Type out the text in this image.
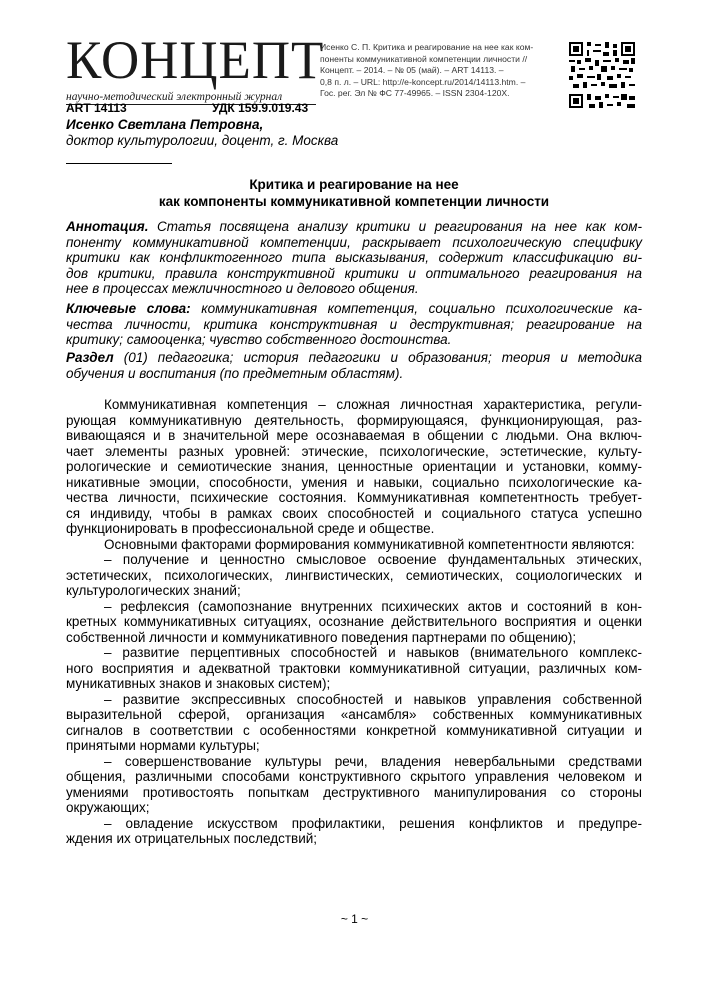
КОНЦЕПТ
научно-методический электронный журнал
Исенко С. П. Критика и реагирование на нее как ком-
поненты коммуникативной компетенции личности //
Концепт. – 2014. – № 05 (май). – ART 14113. –
0,8 п. л. – URL: http://e-koncept.ru/2014/14113.htm. –
Гос. рег. Эл № ФС 77-49965. – ISSN 2304-120X.
ART 14113	УДК 159.9.019.43
Исенко Светлана Петровна,
доктор культурологии, доцент, г. Москва
Критика и реагирование на нее
как компоненты коммуникативной компетенции личности
Аннотация. Статья посвящена анализу критики и реагирования на нее как ком-
поненту коммуникативной компетенции, раскрывает психологическую специфику
критики как конфликтогенного типа высказывания, содержит классификацию ви-
дов критики, правила конструктивной критики и оптимального реагирования на
нее в процессах межличностного и делового общения.
Ключевые слова: коммуникативная компетенция, социально психологические ка-
чества личности, критика конструктивная и деструктивная; реагирование на
критику; самооценка; чувство собственного достоинства.
Раздел (01) педагогика; история педагогики и образования; теория и методика
обучения и воспитания (по предметным областям).
Коммуникативная компетенция – сложная личностная характеристика, регули-
рующая коммуникативную деятельность, формирующаяся, функционирующая, раз-
вивающаяся и в значительной мере осознаваемая в общении с людьми. Она включ-
чает элементы разных уровней: этические, психологические, эстетические, культу-
рологические и семиотические знания, ценностные ориентации и установки, комму-
никативные эмоции, способности, умения и навыки, социально психологические ка-
чества личности, психические состояния. Коммуникативная компетентность требует-
ся индивиду, чтобы в рамках своих способностей и социального статуса успешно
функционировать в профессиональной среде и обществе.
Основными факторами формирования коммуникативной компетентности являются:
– получение и ценностно смысловое освоение фундаментальных этических,
эстетических, психологических, лингвистических, семиотических, социологических и
культурологических знаний;
– рефлексия (самопознание внутренних психических актов и состояний в кон-
кретных коммуникативных ситуациях, осознание действительного восприятия и оценки
собственной личности и коммуникативного поведения партнерами по общению);
– развитие перцептивных способностей и навыков (внимательного комплекс-
ного восприятия и адекватной трактовки коммуникативной ситуации, различных ком-
муникативных знаков и знаковых систем);
– развитие экспрессивных способностей и навыков управления собственной
выразительной сферой, организация «ансамбля» собственных коммуникативных
сигналов в соответствии с особенностями конкретной коммуникативной ситуации и
принятыми нормами культуры;
– совершенствование культуры речи, владения невербальными средствами
общения, различными способами конструктивного скрытого управления человеком и
умениями противостоять попыткам деструктивного манипулирования со стороны
окружающих;
– овладение искусством профилактики, решения конфликтов и предупре-
ждения их отрицательных последствий;
~ 1 ~
